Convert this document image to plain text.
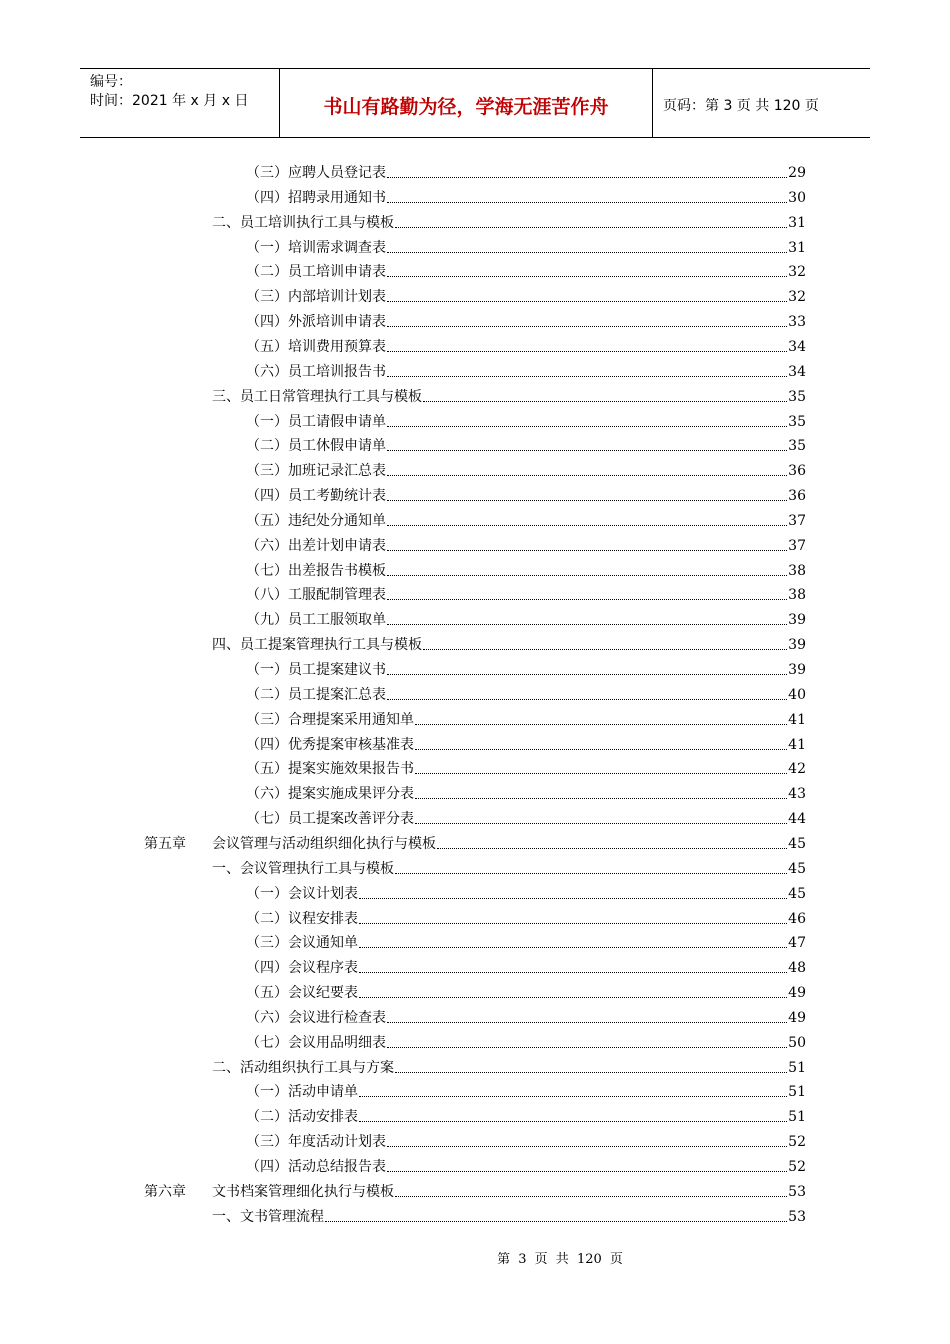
编号：
时间：2021 年 x 月 x 日	书山有路勤为径，学海无涯苦作舟	页码：第 3 页 共 120 页
（三）应聘人员登记表	29
（四）招聘录用通知书	30
二、员工培训执行工具与模板	31
（一）培训需求调查表	31
（二）员工培训申请表	32
（三）内部培训计划表	32
（四）外派培训申请表	33
（五）培训费用预算表	34
（六）员工培训报告书	34
三、员工日常管理执行工具与模板	35
（一）员工请假申请单	35
（二）员工休假申请单	35
（三）加班记录汇总表	36
（四）员工考勤统计表	36
（五）违纪处分通知单	37
（六）出差计划申请表	37
（七）出差报告书模板	38
（八）工服配制管理表	38
（九）员工工服领取单	39
四、员工提案管理执行工具与模板	39
（一）员工提案建议书	39
（二）员工提案汇总表	40
（三）合理提案采用通知单	41
（四）优秀提案审核基准表	41
（五）提案实施效果报告书	42
（六）提案实施成果评分表	43
（七）员工提案改善评分表	44
第五章 会议管理与活动组织细化执行与模板	45
一、会议管理执行工具与模板	45
（一）会议计划表	45
（二）议程安排表	46
（三）会议通知单	47
（四）会议程序表	48
（五）会议纪要表	49
（六）会议进行检查表	49
（七）会议用品明细表	50
二、活动组织执行工具与方案	51
（一）活动申请单	51
（二）活动安排表	51
（三）年度活动计划表	52
（四）活动总结报告表	52
第六章 文书档案管理细化执行与模板	53
一、文书管理流程	53
第 3 页 共 120 页
